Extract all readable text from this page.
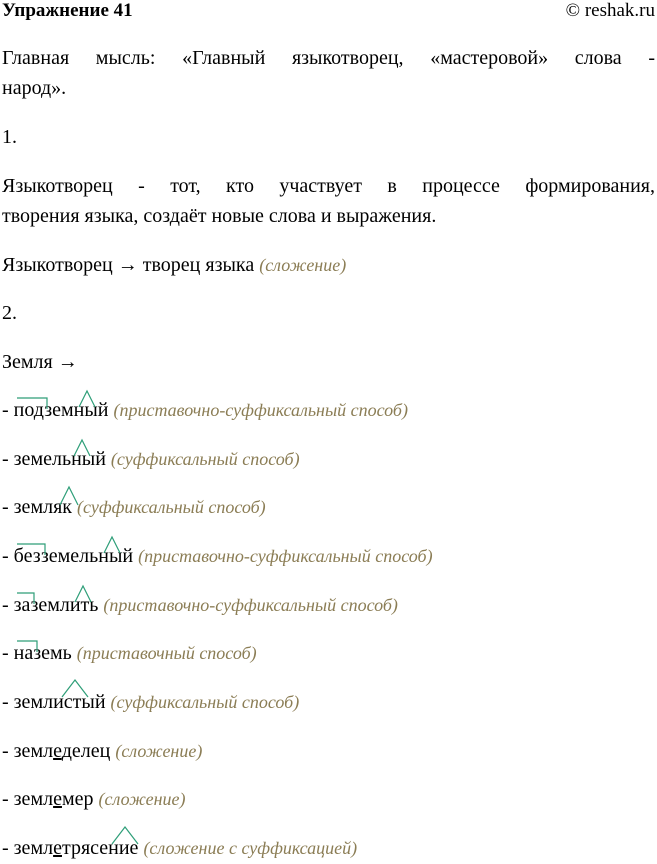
Упражнение 41	© reshak.ru
Главная мысль: «Главный языкотворец, «мастеровой» слова -
народ».
1.
Языкотворец - тот, кто участвует в процессе формирования,
творения языка, создаёт новые слова и выражения.
Языкотворец → творец языка (сложение)
2.
Земля →
- подземный (приставочно-суффиксальный способ)
- земельный (суффиксальный способ)
- земляк (суффиксальный способ)
- безземельный (приставочно-суффиксальный способ)
- заземлить (приставочно-суффиксальный способ)
- наземь (приставочный способ)
- землистый (суффиксальный способ)
- земледелец (сложение)
- землемер (сложение)
- землетрясение (сложение с суффиксацией)
